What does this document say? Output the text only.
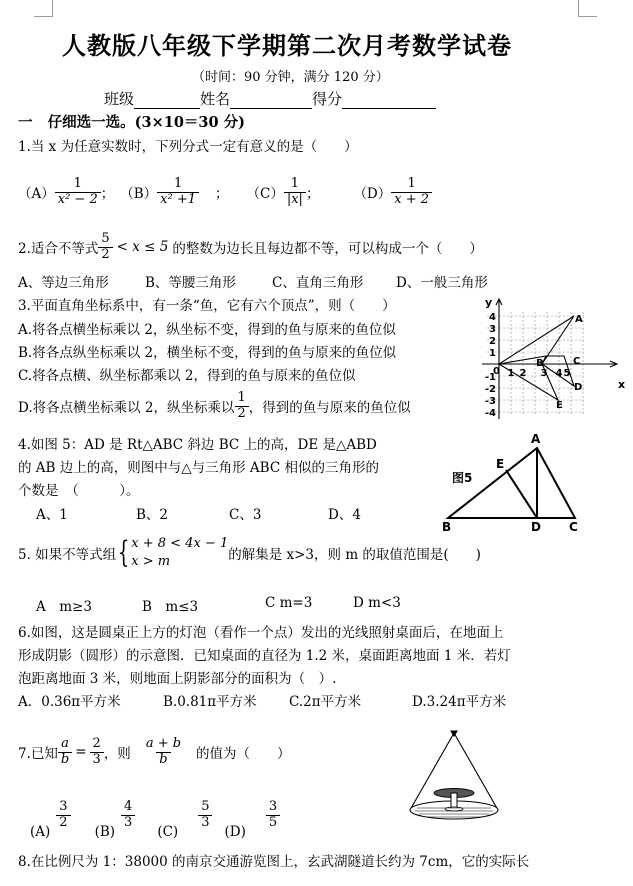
人教版八年级下学期第二次月考数学试卷
（时间：90 分钟，满分 120 分）
班级	姓名	得分
一 仔细选一选。(3×10＝30 分)
1.当 x 为任意实数时，下列分式一定有意义的是（　　）
$(A) \frac{1}{\text{x² − 2}}$ ； $(B) \frac{1}{\text{x² +1}}$ ； $(C) \frac{1}{|x|}$ ；	$(D) \frac{1}{x + 2}$
2.适合不等式 $\frac{5}{2} < x \le 5$ 的整数为边长且每边都不等，可以构成一个（　　）
A、等边三角形	B、等腰三角形	C、直角三角形 D、一般三角形
3.平面直角坐标系中，有一条“鱼，它有六个顶点”，则（　　）
A.将各点横坐标乘以 2，纵坐标不变，得到的鱼与原来的鱼位似
B.将各点纵坐标乘以 2，横坐标不变，得到的鱼与原来的鱼位似
C.将各点横、纵坐标都乘以 2，得到的鱼与原来的鱼位似
D.将各点横坐标乘以 2，纵坐标乘以 $\frac{1}{2}$ ，得到的鱼与原来的鱼位似
y
x
0
4
3
2
1
-1
-2
-3
-4
1 2 3 4 5
A
B	C
D
E
4.如图 5：AD 是 Rt△ABC 斜边 BC 上的高，DE 是△ABD
的 AB 边上的高，则图中与△与三角形 ABC 相似的三角形的
个数是　（　　　）。
A、1	B、2	C、3	D、4
图5
A
E
B	D C
5. 如果不等式组 { x + 8 < 4x − 1
x > m	的解集是 x>3，则 m 的取值范围是(　　)
A　m≥3	B　m≤3	C m=3	D m<3
6.如图，这是圆桌正上方的灯泡（看作一个点）发出的光线照射桌面后，在地面上
形成阴影（圆形）的示意图．已知桌面的直径为 1.2 米，桌面距离地面 1 米．若灯
泡距离地面 3 米，则地面上阴影部分的面积为（　）.
A．0.36π平方米	B.0.81π平方米 C.2π平方米	D.3.24π平方米
7.已知 $\frac{a}{b} = \frac{2}{3}$ ，则 $\frac{a + b}{b}$ 的值为（　　）
(A)
$\frac{3}{2}$
(B)
$\frac{4}{3}$
(C)
$\frac{5}{3}$
(D)
$\frac{3}{5}$
8.在比例尺为 1：38000 的南京交通游览图上，玄武湖隧道长约为 7cm，它的实际长
